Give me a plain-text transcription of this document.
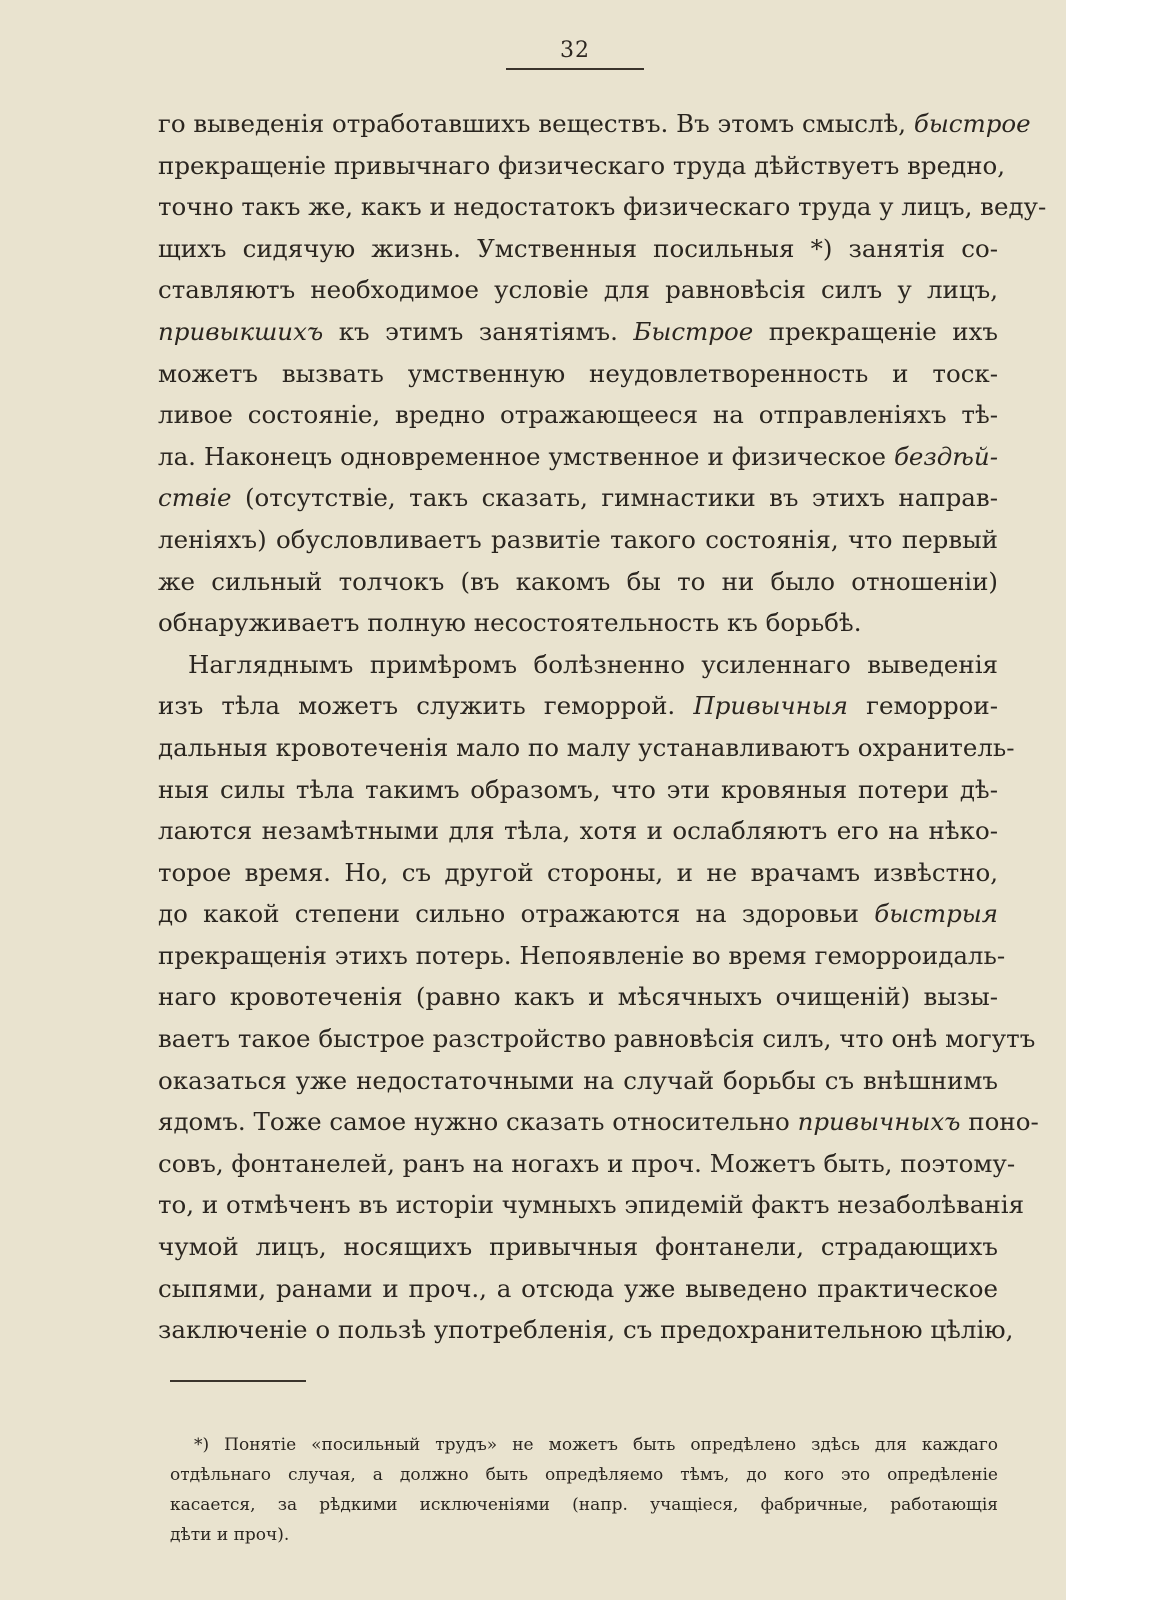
32
го выведенія отработавшихъ веществъ. Въ этомъ смыслѣ, быстрое
прекращеніе привычнаго физическаго труда дѣйствуетъ вредно,
точно такъ же, какъ и недостатокъ физическаго труда у лицъ, веду-
щихъ сидячую жизнь. Умственныя посильныя *) занятія со-
ставляютъ необходимое условіе для равновѣсія силъ у лицъ,
привыкшихъ къ этимъ занятіямъ. Быстрое прекращеніе ихъ
можетъ вызвать умственную неудовлетворенность и тоск-
ливое состояніе, вредно отражающееся на отправленіяхъ тѣ-
ла. Наконецъ одновременное умственное и физическое бездѣй-
ствіе (отсутствіе, такъ сказать, гимнастики въ этихъ направ-
леніяхъ) обусловливаетъ развитіе такого состоянія, что первый
же сильный толчокъ (въ какомъ бы то ни было отношеніи)
обнаруживаетъ полную несостоятельность къ борьбѣ.
Нагляднымъ примѣромъ болѣзненно усиленнаго выведенія
изъ тѣла можетъ служить геморрой. Привычныя геморрои-
дальныя кровотеченія мало по малу устанавливаютъ охранитель-
ныя силы тѣла такимъ образомъ, что эти кровяныя потери дѣ-
лаются незамѣтными для тѣла, хотя и ослабляютъ его на нѣко-
торое время. Но, съ другой стороны, и не врачамъ извѣстно,
до какой степени сильно отражаются на здоровьи быстрыя
прекращенія этихъ потерь. Непоявленіе во время геморроидаль-
наго кровотеченія (равно какъ и мѣсячныхъ очищеній) вызы-
ваетъ такое быстрое разстройство равновѣсія силъ, что онѣ могутъ
оказаться уже недостаточными на случай борьбы съ внѣшнимъ
ядомъ. Тоже самое нужно сказать относительно привычныхъ поно-
совъ, фонтанелей, ранъ на ногахъ и проч. Можетъ быть, поэтому-
то, и отмѣченъ въ исторіи чумныхъ эпидемій фактъ незаболѣванія
чумой лицъ, носящихъ привычныя фонтанели, страдающихъ
сыпями, ранами и проч., а отсюда уже выведено практическое
заключеніе о пользѣ употребленія, съ предохранительною цѣлію,
*) Понятіе «посильный трудъ» не можетъ быть опредѣлено здѣсь для каждаго
отдѣльнаго случая, а должно быть опредѣляемо тѣмъ, до кого это опредѣленіе
касается, за рѣдкими исключеніями (напр. учащіеся, фабричные, работающія
дѣти и проч).
